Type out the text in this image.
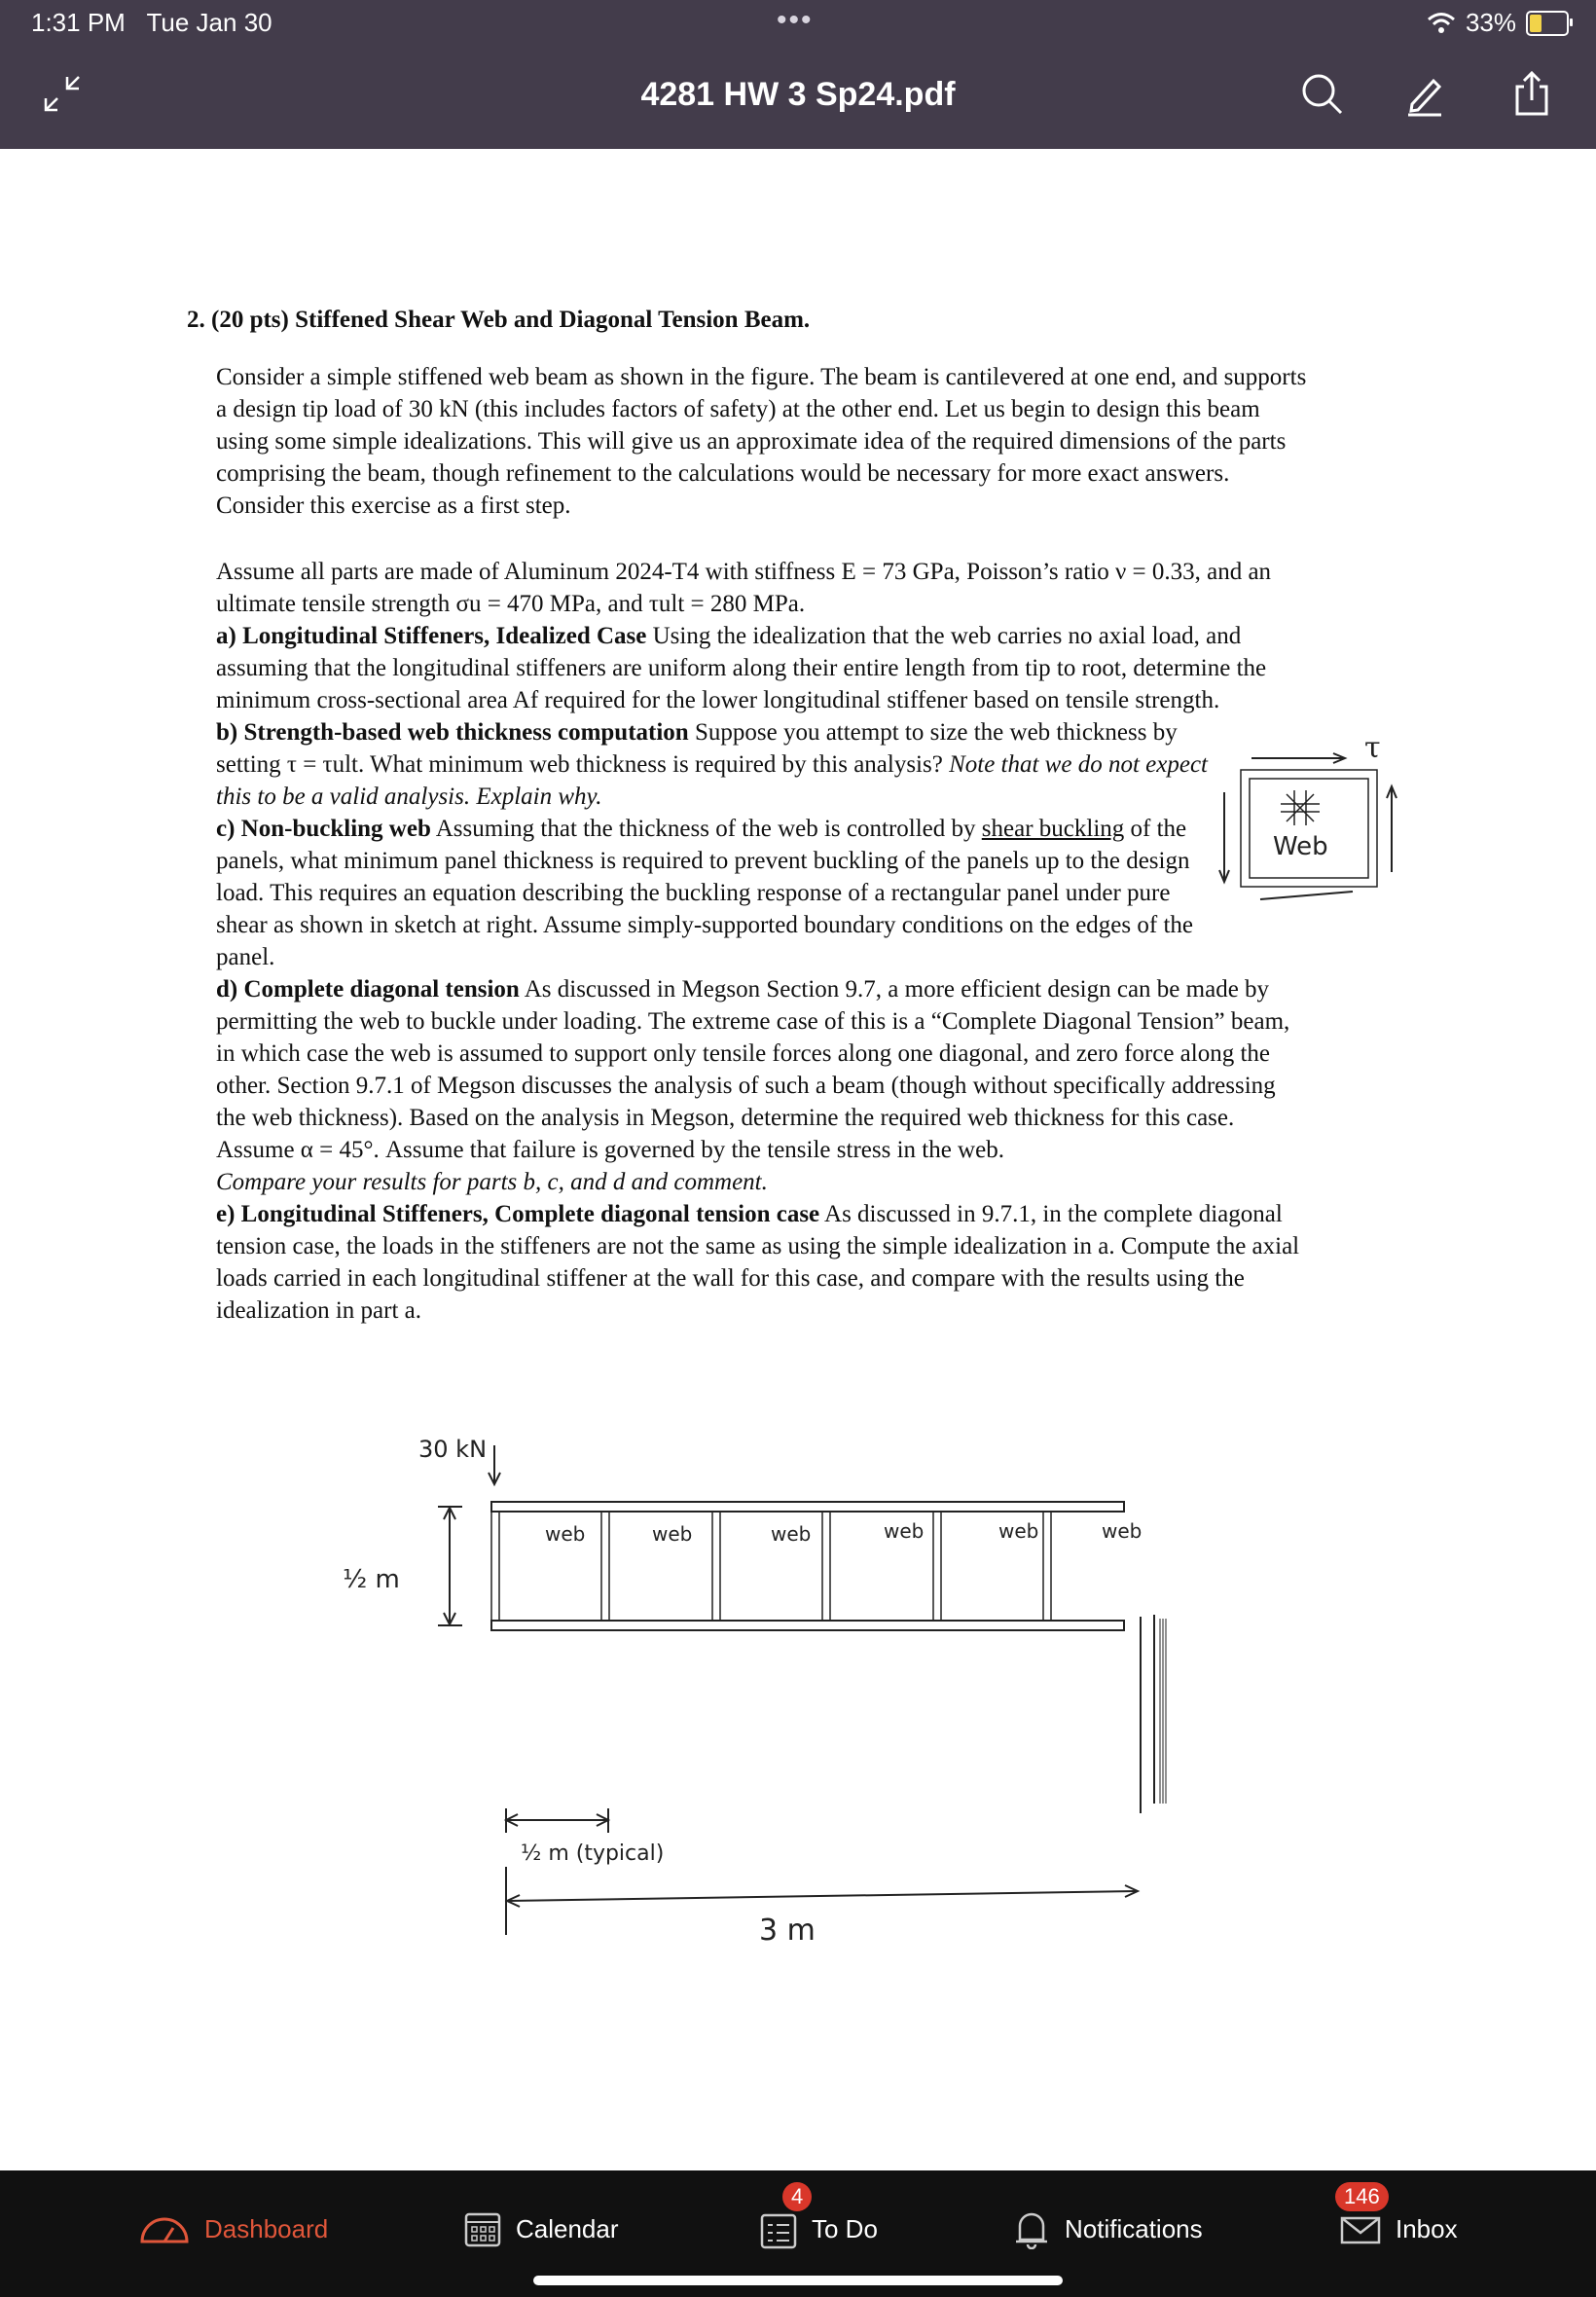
1:31 PM Tue Jan 30	•••	33%
4281 HW 3 Sp24.pdf
2. (20 pts) Stiffened Shear Web and Diagonal Tension Beam.

Consider a simple stiffened web beam as shown in the figure. The beam is cantilevered at one end, and supports a design tip load of 30 kN (this includes factors of safety) at the other end. Let us begin to design this beam using some simple idealizations. This will give us an approximate idea of the required dimensions of the parts comprising the beam, though refinement to the calculations would be necessary for more exact answers. Consider this exercise as a first step.

Assume all parts are made of Aluminum 2024-T4 with stiffness E = 73 GPa, Poisson’s ratio ν = 0.33, and an ultimate tensile strength σu = 470 MPa, and τult = 280 MPa.

a) Longitudinal Stiffeners, Idealized Case Using the idealization that the web carries no axial load, and assuming that the longitudinal stiffeners are uniform along their entire length from tip to root, determine the minimum cross-sectional area Af required for the lower longitudinal stiffener based on tensile strength.

b) Strength-based web thickness computation Suppose you attempt to size the web thickness by setting τ = τult. What minimum web thickness is required by this analysis? Note that we do not expect this to be a valid analysis. Explain why.

c) Non-buckling web Assuming that the thickness of the web is controlled by shear buckling of the panels, what minimum panel thickness is required to prevent buckling of the panels up to the design load. This requires an equation describing the buckling response of a rectangular panel under pure shear as shown in sketch at right. Assume simply-supported boundary conditions on the edges of the panel.

d) Complete diagonal tension As discussed in Megson Section 9.7, a more efficient design can be made by permitting the web to buckle under loading. The extreme case of this is a “Complete Diagonal Tension” beam, in which case the web is assumed to support only tensile forces along one diagonal, and zero force along the other. Section 9.7.1 of Megson discusses the analysis of such a beam (though without specifically addressing the web thickness). Based on the analysis in Megson, determine the required web thickness for this case. Assume α = 45°. Assume that failure is governed by the tensile stress in the web.

Compare your results for parts b, c, and d and comment.

e) Longitudinal Stiffeners, Complete diagonal tension case As discussed in 9.7.1, in the complete diagonal tension case, the loads in the stiffeners are not the same as using the simple idealization in a. Compute the axial loads carried in each longitudinal stiffener at the wall for this case, and compare with the results using the idealization in part a.

τ
Web
30 kN
½ m
web	web	web	web	web	web
½ m (typical)
3 m
Dashboard	Calendar	To Do
4
Notifications	Inbox
146
